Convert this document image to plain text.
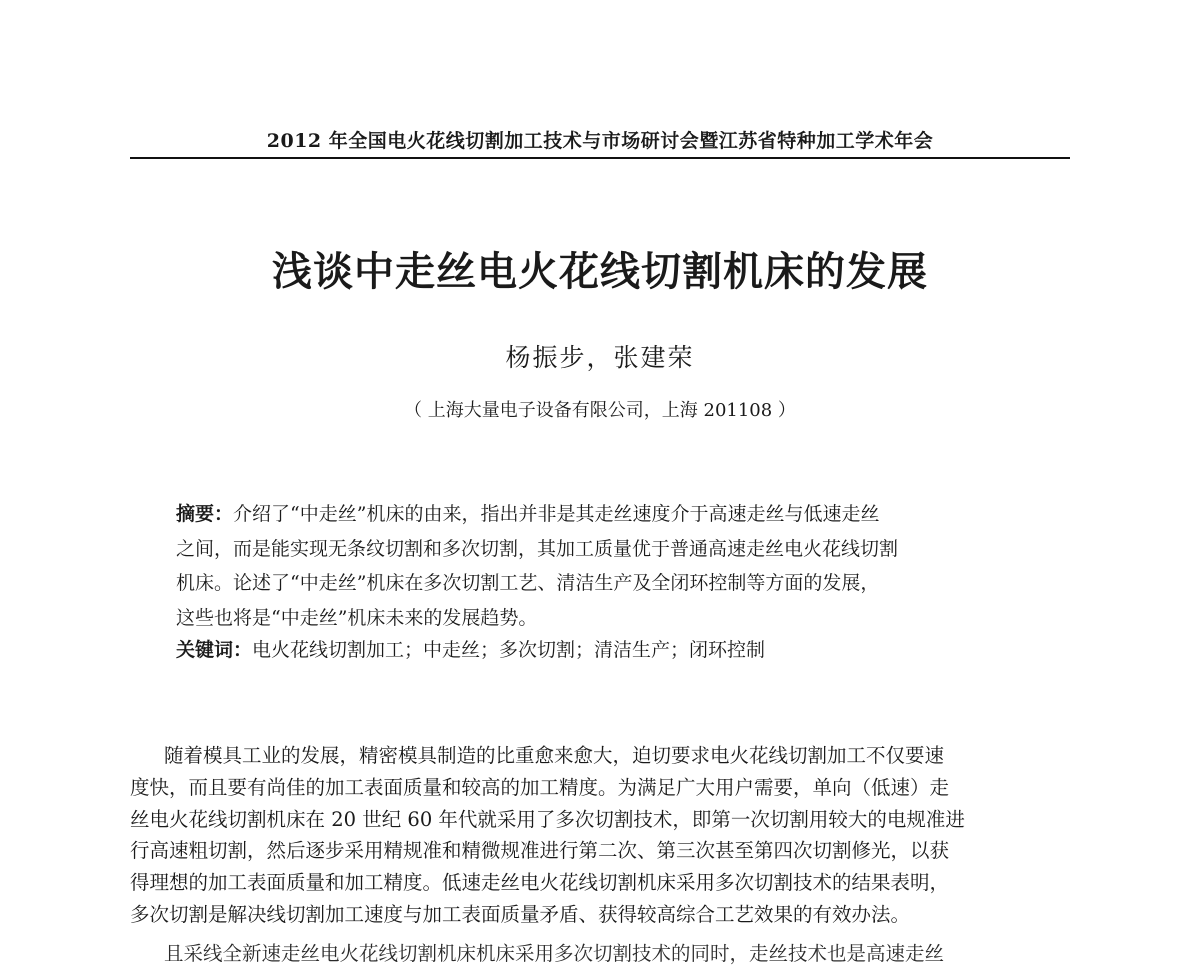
2012 年全国电火花线切割加工技术与市场研讨会暨江苏省特种加工学术年会
浅谈中走丝电火花线切割机床的发展
杨振步，张建荣
（ 上海大量电子设备有限公司，上海 201108 ）
摘要：介绍了“中走丝”机床的由来，指出并非是其走丝速度介于高速走丝与低速走丝
之间，而是能实现无条纹切割和多次切割，其加工质量优于普通高速走丝电火花线切割
机床。论述了“中走丝”机床在多次切割工艺、清洁生产及全闭环控制等方面的发展，
这些也将是“中走丝”机床未来的发展趋势。
关键词：电火花线切割加工；中走丝；多次切割；清洁生产；闭环控制
随着模具工业的发展，精密模具制造的比重愈来愈大，迫切要求电火花线切割加工不仅要速
度快，而且要有尚佳的加工表面质量和较高的加工精度。为满足广大用户需要，单向（低速）走
丝电火花线切割机床在 20 世纪 60 年代就采用了多次切割技术，即第一次切割用较大的电规准进
行高速粗切割，然后逐步采用精规准和精微规准进行第二次、第三次甚至第四次切割修光，以获
得理想的加工表面质量和加工精度。低速走丝电火花线切割机床采用多次切割技术的结果表明，
多次切割是解决线切割加工速度与加工表面质量矛盾、获得较高综合工艺效果的有效办法。
且采线全新速走丝电火花线切割机床机床采用多次切割技术的同时，走丝技术也是高速走丝
